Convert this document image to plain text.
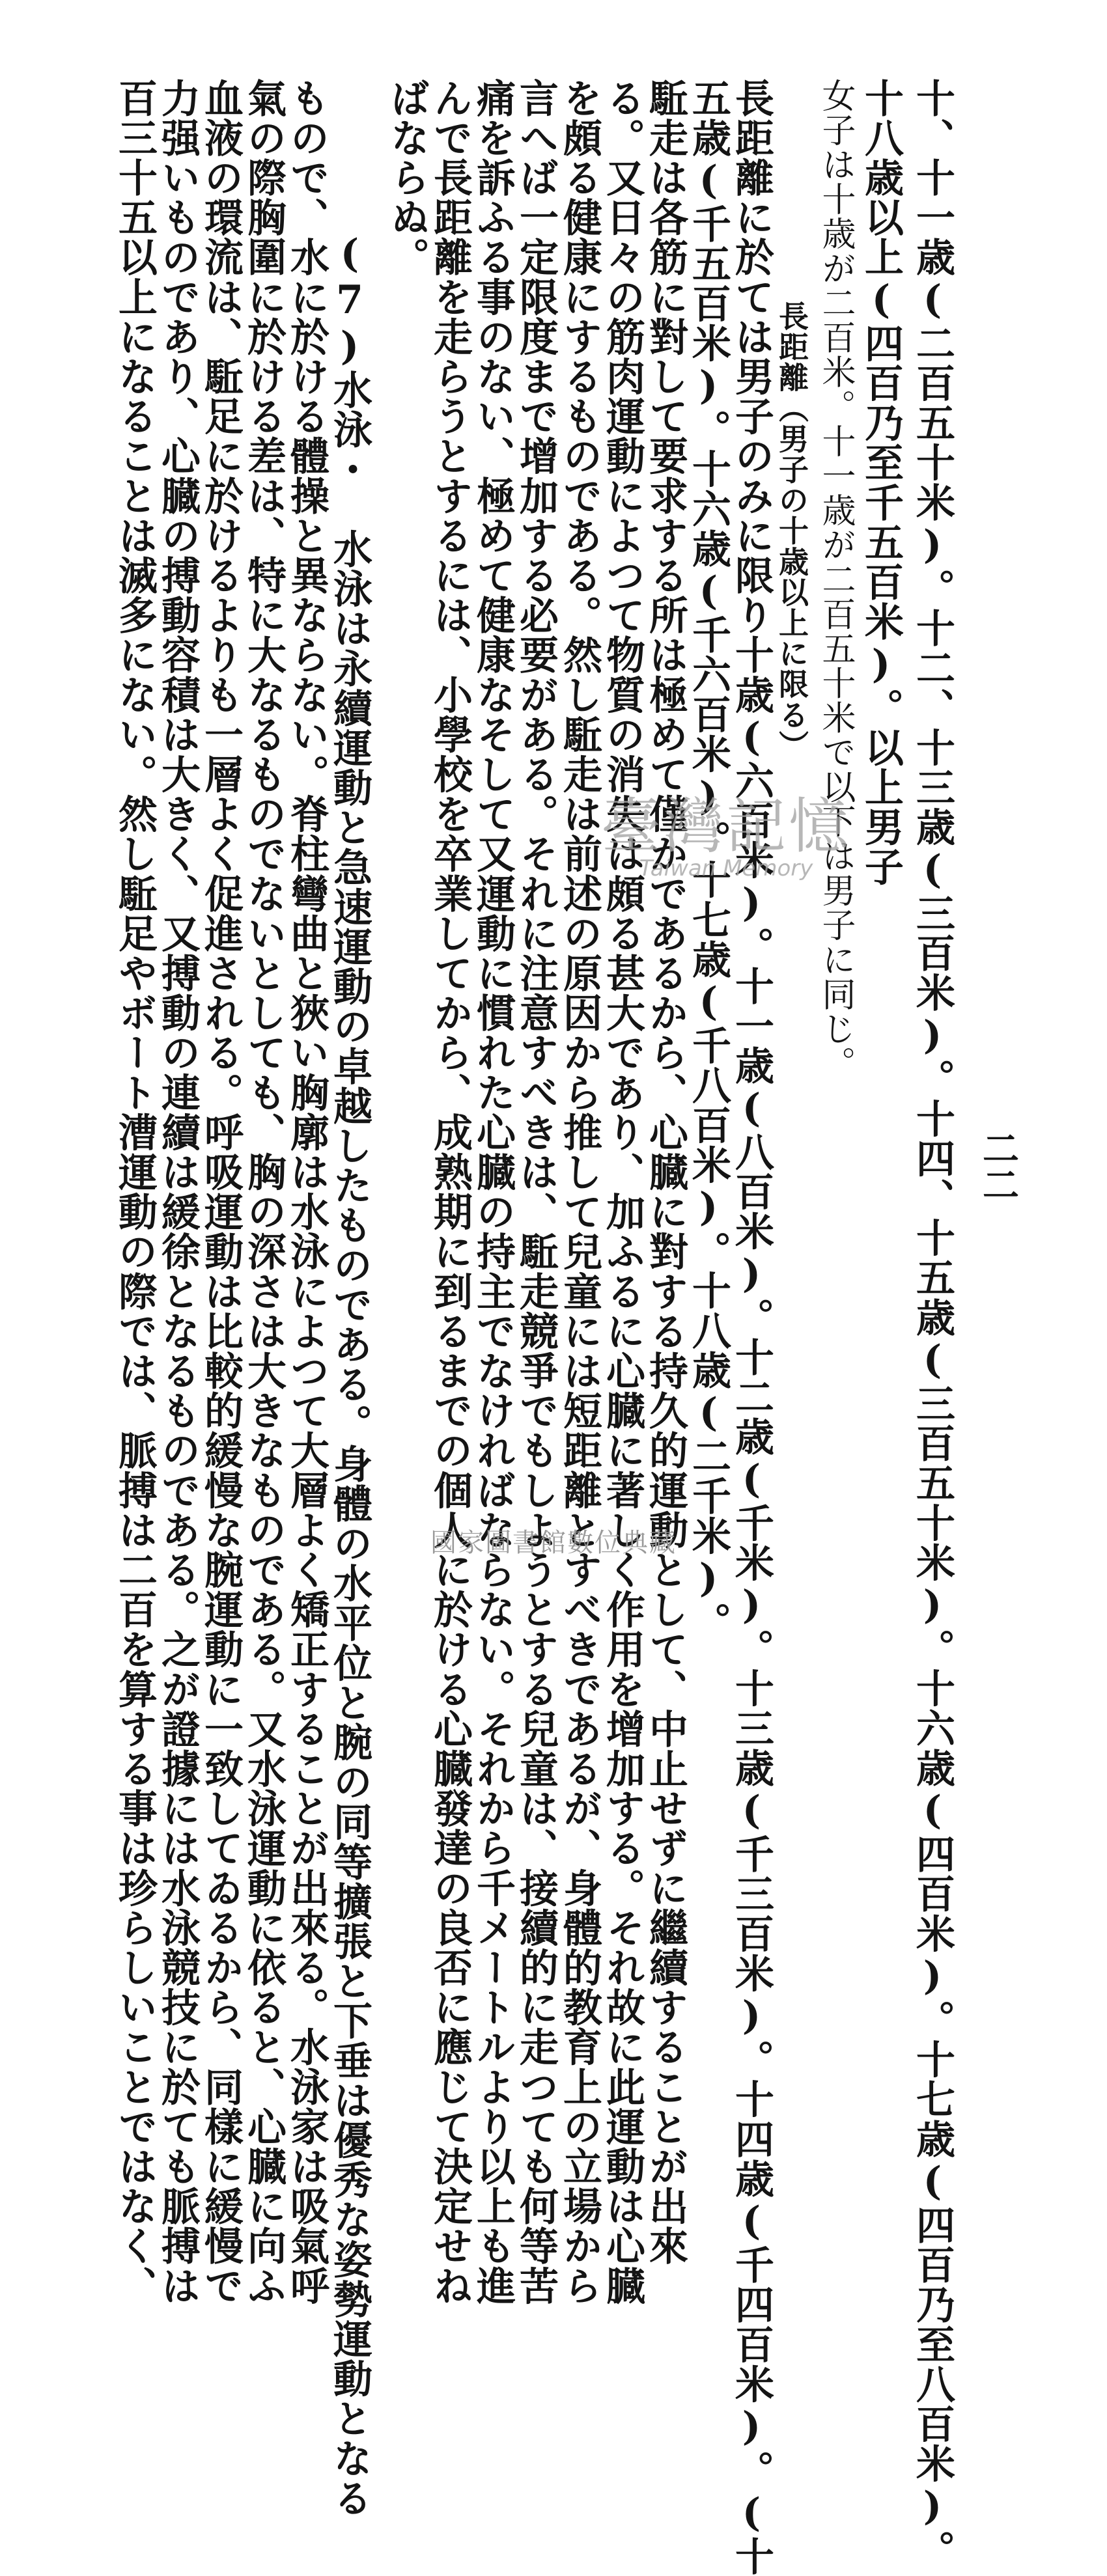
二二
十、十一歳(二百五十米)。十二、十三歳(三百米)。十四、十五歳(三百五十米)。十六歳(四百米)。十七歳(四百乃至八百米)。
十八歳以上(四百乃至千五百米)。以上男子
女子は十歳が二百米。十一歳が二百五十米で以下は男子に同じ。
長距離（男子の十歳以上に限る）
長距離に於ては男子のみに限り十歳(六百米)。十一歳(八百米)。十二歳(千米)。十三歳(千三百米)。十四歳(千四百米)。(十
五歳(千五百米)。十六歳(千六百米)。十七歳(千八百米)。十八歳(二千米)。
駈走は各筋に對して要求する所は極めて僅かであるから、心臓に對する持久的運動として、中止せずに繼續することが出來
る。又日々の筋肉運動によつて物質の消失は頗る甚大であり、加ふるに心臓に著しく作用を增加する。それ故に此運動は心臓
を頗る健康にするものである。然し駈走は前述の原因から推して兒童には短距離とすべきであるが、身體的教育上の立場から
言へば一定限度まで增加する必要がある。それに注意すべきは、駈走競爭でもしようとする兒童は、接續的に走つても何等苦
痛を訴ふる事のない、極めて健康なそして又運動に慣れた心臓の持主でなければならない。それから千メートルより以上も進
んで長距離を走らうとするには、小學校を卒業してから、成熟期に到るまでの個人に於ける心臓發達の良否に應じて決定せね
ばならぬ。
(7)水泳・　水泳は永續運動と急速運動の卓越したものである。身體の水平位と腕の同等擴張と下垂は優秀な姿勢運動となる
もので、水に於ける體操と異ならない。脊柱彎曲と狹い胸廓は水泳によつて大層よく矯正することが出來る。水泳家は吸氣呼
氣の際胸圍に於ける差は、特に大なるものでないとしても、胸の深さは大きなものである。又水泳運動に依ると、心臓に向ふ
血液の環流は、駈足に於けるよりも一層よく促進される。呼吸運動は比較的緩慢な腕運動に一致してゐるから、同樣に緩慢で
力强いものであり、心臓の搏動容積は大きく、又搏動の連續は緩徐となるものである。之が證據には水泳競技に於ても脈搏は
百三十五以上になることは滅多にない。然し駈足やボート漕運動の際では、脈搏は二百を算する事は珍らしいことではなく、	臺灣記憶
Taiwan Memory
國家圖書館數位典藏
